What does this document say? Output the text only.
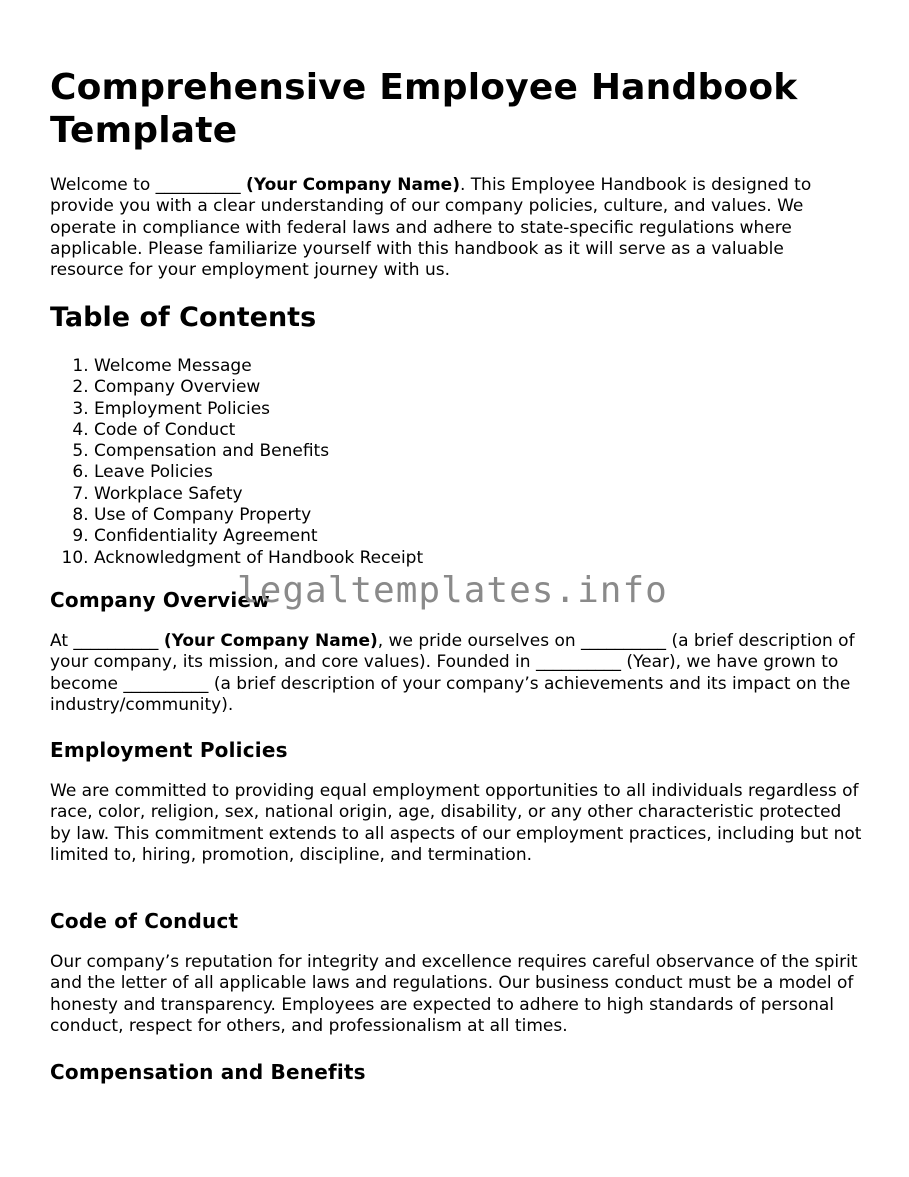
Comprehensive Employee Handbook Template

Welcome to __________ (Your Company Name). This Employee Handbook is designed to provide you with a clear understanding of our company policies, culture, and values. We operate in compliance with federal laws and adhere to state-specific regulations where applicable. Please familiarize yourself with this handbook as it will serve as a valuable resource for your employment journey with us.

Table of Contents
1. Welcome Message
2. Company Overview
3. Employment Policies
4. Code of Conduct
5. Compensation and Benefits
6. Leave Policies
7. Workplace Safety
8. Use of Company Property
9. Confidentiality Agreement
10. Acknowledgment of Handbook Receipt
Company Overview

At __________ (Your Company Name), we pride ourselves on __________ (a brief description of your company, its mission, and core values). Founded in __________ (Year), we have grown to become __________ (a brief description of your company’s achievements and its impact on the industry/community).

Employment Policies

We are committed to providing equal employment opportunities to all individuals regardless of race, color, religion, sex, national origin, age, disability, or any other characteristic protected by law. This commitment extends to all aspects of our employment practices, including but not limited to, hiring, promotion, discipline, and termination.

Code of Conduct

Our company’s reputation for integrity and excellence requires careful observance of the spirit and the letter of all applicable laws and regulations. Our business conduct must be a model of honesty and transparency. Employees are expected to adhere to high standards of personal conduct, respect for others, and professionalism at all times.

Compensation and Benefits
legaltemplates.info
